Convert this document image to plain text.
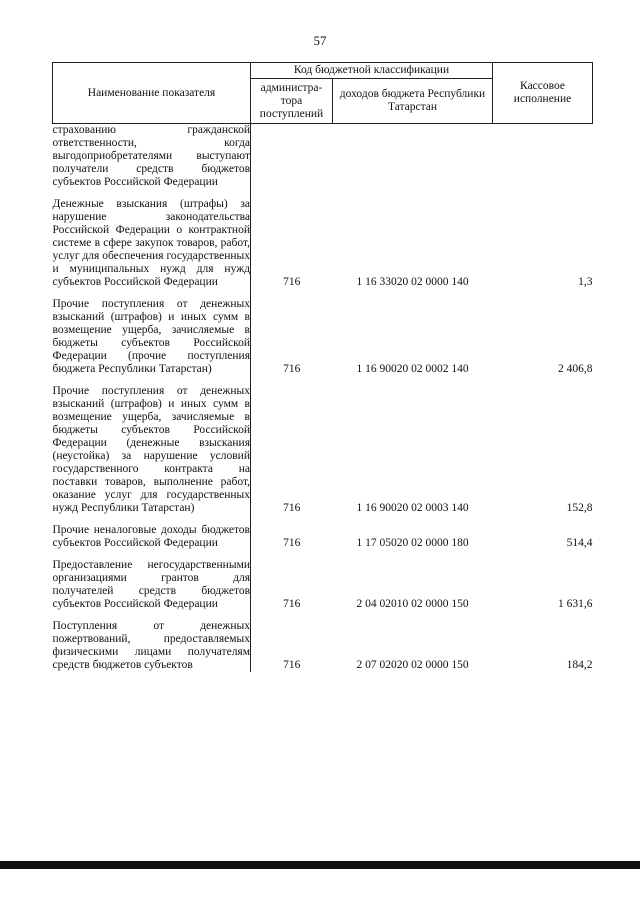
57
Наименование показателя	Код бюджетной классификации		Кассовое исполнение
	администра-тора поступлений	доходов бюджета Республики Татарстан	
страхованию гражданской ответственности, когда выгодоприобретателями выступают получатели средств бюджетов субъектов Российской Федерации			

Денежные взыскания (штрафы) за нарушение законодательства Российской Федерации о контрактной системе в сфере закупок товаров, работ, услуг для обеспечения государственных и муниципальных нужд для нужд субъектов Российской Федерации	716	1 16 33020 02 0000 140	1,3

Прочие поступления от денежных взысканий (штрафов) и иных сумм в возмещение ущерба, зачисляемые в бюджеты субъектов Российской Федерации (прочие поступления бюджета Республики Татарстан)	716	1 16 90020 02 0002 140	2 406,8

Прочие поступления от денежных взысканий (штрафов) и иных сумм в возмещение ущерба, зачисляемые в бюджеты субъектов Российской Федерации (денежные взыскания (неустойка) за нарушение условий государственного контракта на поставки товаров, выполнение работ, оказание услуг для государственных нужд Республики Татарстан)	716	1 16 90020 02 0003 140	152,8

Прочие неналоговые доходы бюджетов субъектов Российской Федерации	716	1 17 05020 02 0000 180	514,4

Предоставление негосударственными организациями грантов для получателей средств бюджетов субъектов Российской Федерации	716	2 04 02010 02 0000 150	1 631,6

Поступления от денежных пожертвований, предоставляемых физическими лицами получателям средств бюджетов субъектов	716	2 07 02020 02 0000 150	184,2
